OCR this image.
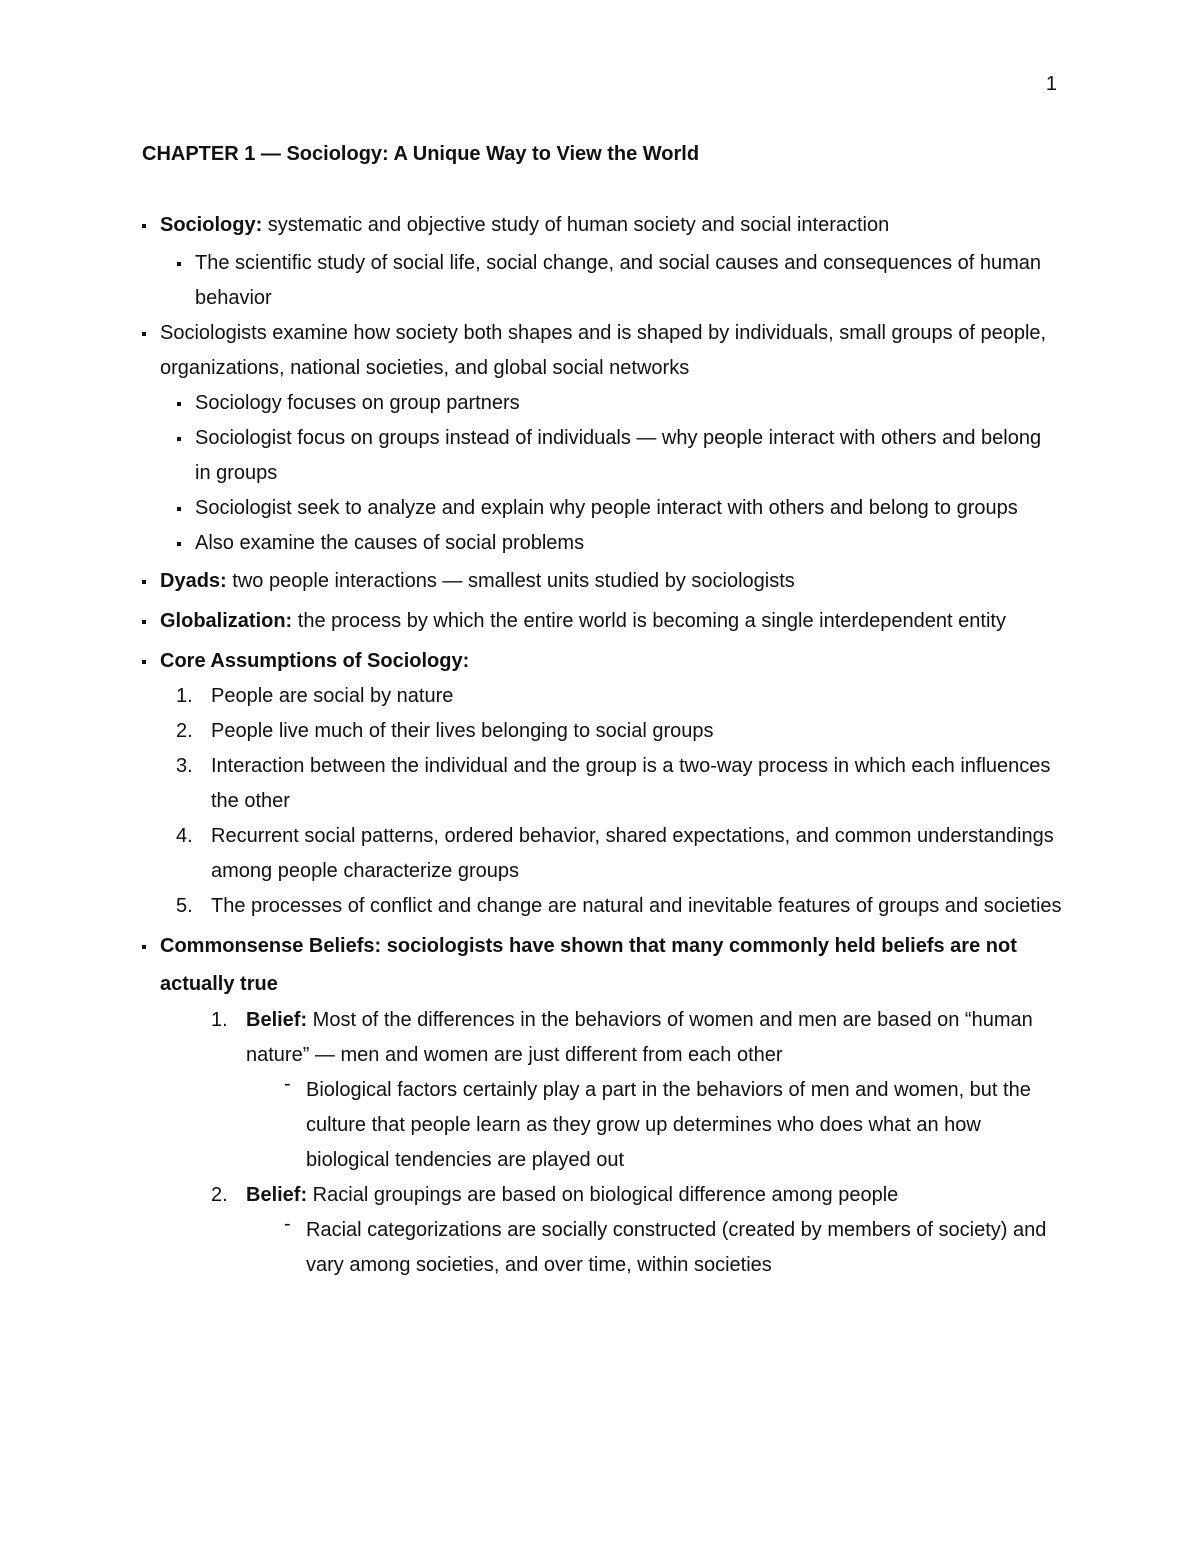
1
CHAPTER 1 — Sociology: A Unique Way to View the World
Sociology: systematic and objective study of human society and social interaction
The scientific study of social life, social change, and social causes and consequences of human behavior
Sociologists examine how society both shapes and is shaped by individuals, small groups of people, organizations, national societies, and global social networks
Sociology focuses on group partners
Sociologist focus on groups instead of individuals — why people interact with others and belong in groups
Sociologist seek to analyze and explain why people interact with others and belong to groups
Also examine the causes of social problems
Dyads: two people interactions — smallest units studied by sociologists
Globalization: the process by which the entire world is becoming a single interdependent entity
Core Assumptions of Sociology:
1. People are social by nature
2. People live much of their lives belonging to social groups
3. Interaction between the individual and the group is a two-way process in which each influences the other
4. Recurrent social patterns, ordered behavior, shared expectations, and common understandings among people characterize groups
5. The processes of conflict and change are natural and inevitable features of groups and societies
Commonsense Beliefs: sociologists have shown that many commonly held beliefs are not actually true
1. Belief: Most of the differences in the behaviors of women and men are based on “human nature” — men and women are just different from each other
- Biological factors certainly play a part in the behaviors of men and women, but the culture that people learn as they grow up determines who does what an how biological tendencies are played out
2. Belief: Racial groupings are based on biological difference among people
- Racial categorizations are socially constructed (created by members of society) and vary among societies, and over time, within societies
